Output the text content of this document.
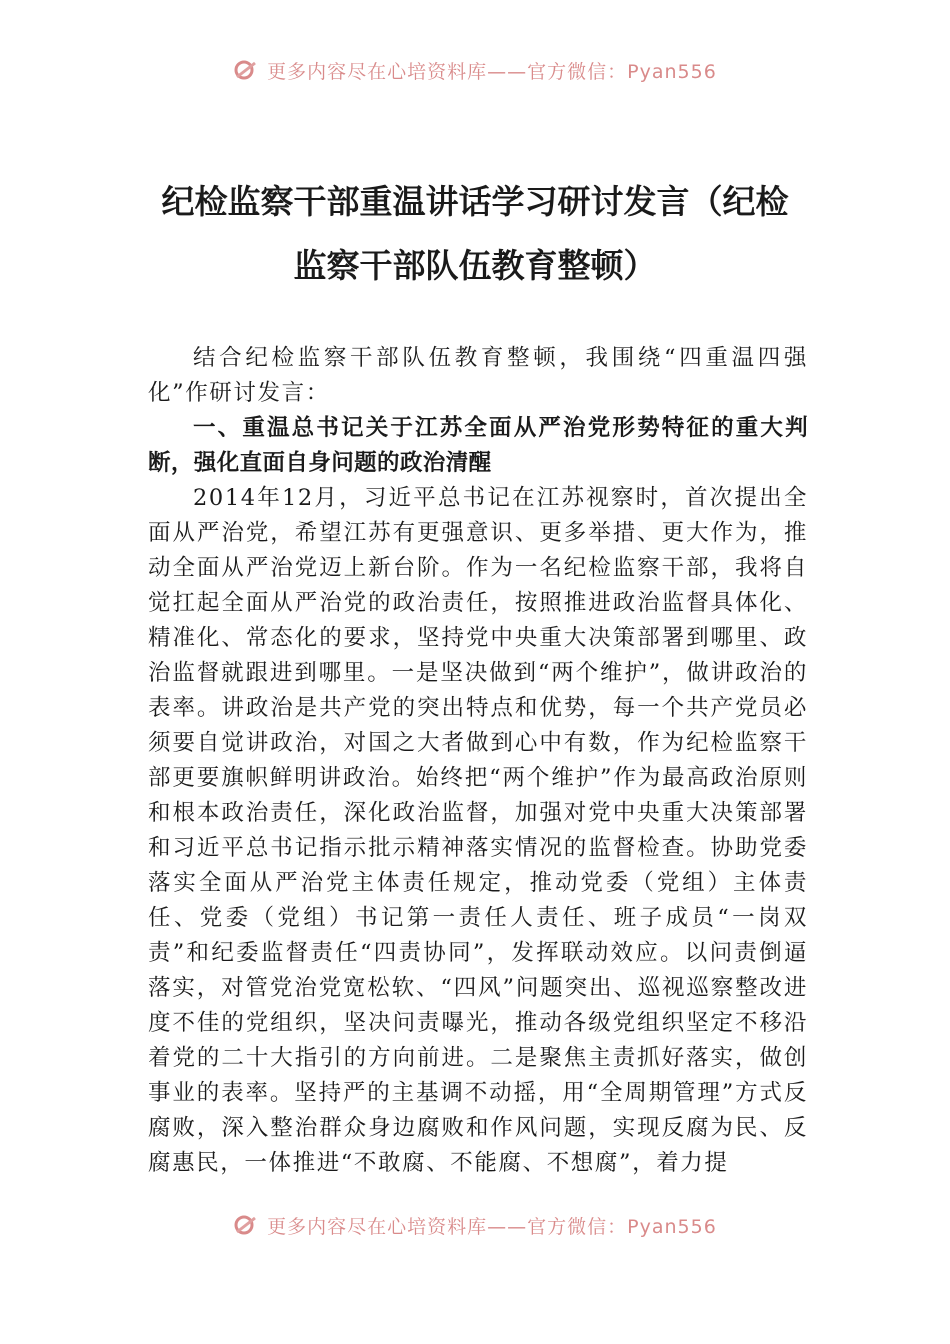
更多内容尽在心培资料库——官方微信：Pyan556
纪检监察干部重温讲话学习研讨发言（纪检监察干部队伍教育整顿）

结合纪检监察干部队伍教育整顿，我围绕“四重温四强化”作研讨发言：

一、重温总书记关于江苏全面从严治党形势特征的重大判断，强化直面自身问题的政治清醒

2014年12月，习近平总书记在江苏视察时，首次提出全面从严治党，希望江苏有更强意识、更多举措、更大作为，推动全面从严治党迈上新台阶。作为一名纪检监察干部，我将自觉扛起全面从严治党的政治责任，按照推进政治监督具体化、精准化、常态化的要求，坚持党中央重大决策部署到哪里、政治监督就跟进到哪里。一是坚决做到“两个维护”，做讲政治的表率。讲政治是共产党的突出特点和优势，每一个共产党员必须要自觉讲政治，对国之大者做到心中有数，作为纪检监察干部更要旗帜鲜明讲政治。始终把“两个维护”作为最高政治原则和根本政治责任，深化政治监督，加强对党中央重大决策部署和习近平总书记指示批示精神落实情况的监督检查。协助党委落实全面从严治党主体责任规定，推动党委（党组）主体责任、党委（党组）书记第一责任人责任、班子成员“一岗双责”和纪委监督责任“四责协同”，发挥联动效应。以问责倒逼落实，对管党治党宽松软、“四风”问题突出、巡视巡察整改进度不佳的党组织，坚决问责曝光，推动各级党组织坚定不移沿着党的二十大指引的方向前进。二是聚焦主责抓好落实，做创事业的表率。坚持严的主基调不动摇，用“全周期管理”方式反腐败，深入整治群众身边腐败和作风问题，实现反腐为民、反腐惠民，一体推进“不敢腐、不能腐、不想腐”，着力提

更多内容尽在心培资料库——官方微信：Pyan556
